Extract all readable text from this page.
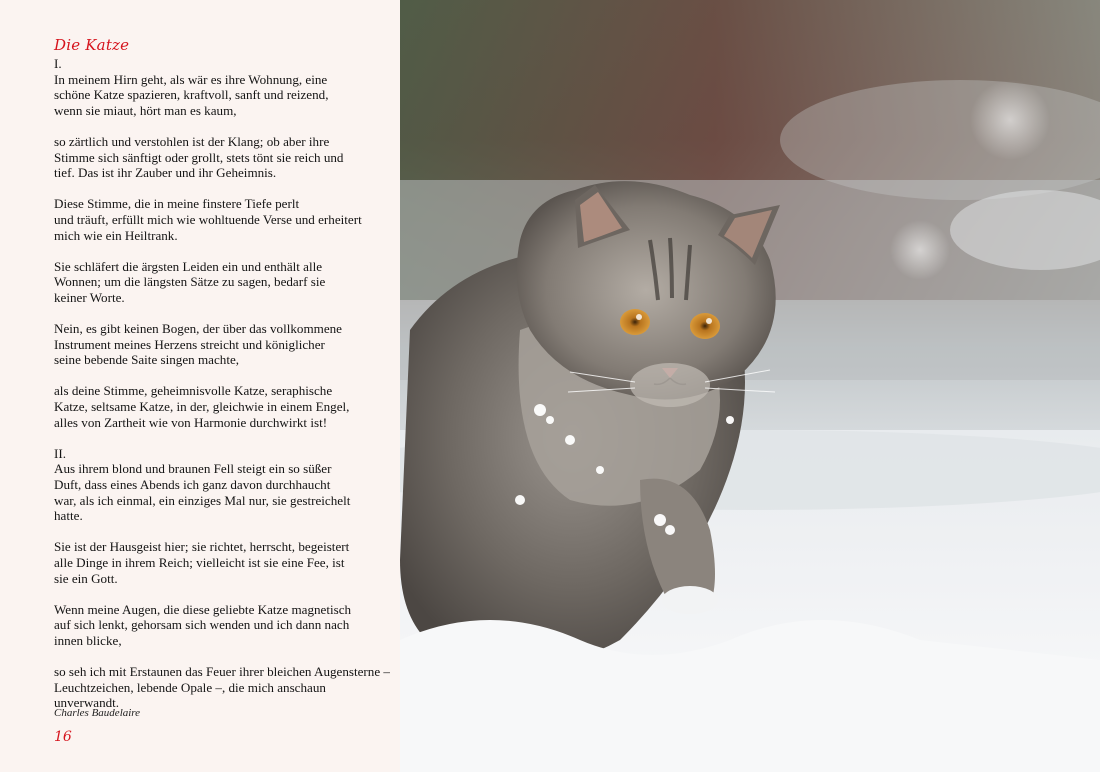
Die Katze
I.
In meinem Hirn geht, als wär es ihre Wohnung, eine
schöne Katze spazieren, kraftvoll, sanft und reizend,
wenn sie miaut, hört man es kaum,
so zärtlich und verstohlen ist der Klang; ob aber ihre
Stimme sich sänftigt oder grollt, stets tönt sie reich und
tief. Das ist ihr Zauber und ihr Geheimnis.
Diese Stimme, die in meine finstere Tiefe perlt
und träuft, erfüllt mich wie wohltuende Verse und erheitert
mich wie ein Heiltrank.
Sie schläfert die ärgsten Leiden ein und enthält alle
Wonnen; um die längsten Sätze zu sagen, bedarf sie
keiner Worte.
Nein, es gibt keinen Bogen, der über das vollkommene
Instrument meines Herzens streicht und königlicher
seine bebende Saite singen machte,
als deine Stimme, geheimnisvolle Katze, seraphische
Katze, seltsame Katze, in der, gleichwie in einem Engel,
alles von Zartheit wie von Harmonie durchwirkt ist!
II.
Aus ihrem blond und braunen Fell steigt ein so süßer
Duft, dass eines Abends ich ganz davon durchhaucht
war, als ich einmal, ein einziges Mal nur, sie gestreichelt
hatte.
Sie ist der Hausgeist hier; sie richtet, herrscht, begeistert
alle Dinge in ihrem Reich; vielleicht ist sie eine Fee, ist
sie ein Gott.
Wenn meine Augen, die diese geliebte Katze magnetisch
auf sich lenkt, gehorsam sich wenden und ich dann nach
innen blicke,
so seh ich mit Erstaunen das Feuer ihrer bleichen Augensterne –
Leuchtzeichen, lebende Opale –, die mich anschaun
unverwandt.
Charles Baudelaire
16
